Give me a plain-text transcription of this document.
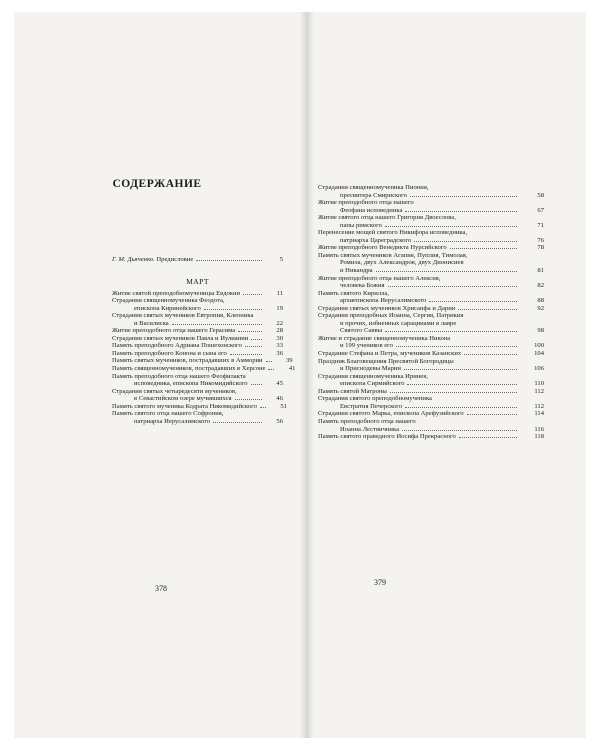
СОДЕРЖАНИЕ
Г. М. Дьяченко. Предисловие	5
МАРТ
Житие святой преподобномученицы Евдокии	11
Страдания священномученика Феодота,
епископа Киринейского	19
Страдания святых мучеников Евтропия, Клеоника
и Василиска	22
Житие преподобного отца нашего Герасима	28
Страдания святых мучеников Павла и Иулиании	30
Память преподобного Адриана Пошехонского	33
Память преподобного Конона и сына его	36
Память святых мучеников, пострадавших в Аммории	39
Память священномучеников, пострадавших в Херсоне	41
Память преподобного отца нашего Феофилакта
исповедника, епископа Никомидийского	45
Страдания святых четыредесяти мучеников,
в Севастийском озере мучившихся	46
Память святого мученика Кодрата Никомидийского	51
Память святого отца нашего Софрония,
патриарха Иерусалимского	56
378
Страдания священномученика Пиония,
пресвитера Смирнского	58
Житие преподобного отца нашего
Феофана исповедника	67
Житие святого отца нашего Григория Двоеслова,
папы римского	71
Перенесение мощей святого Никифора исповедника,
патриарха Цареградского	76
Житие преподобного Венедикта Нурсийского	78
Память святых мучеников Агапия, Пуплия, Тимолая,
Ромила, двух Александров, двух Дионисиев
и Никандра	81
Житие преподобного отца нашего Алексия,
человека Божия	82
Память святого Кирилла,
архиепископа Иерусалимского	88
Страдания святых мучеников Хрисанфа и Дарии	92
Страдания преподобных Иоанна, Сергия, Патрикия
и прочих, избиенных сарацинами в лавре
Святого Саввы	98
Житие и страдание священномученика Никона
и 199 учеников его	100
Страдание Стефана и Петра, мучеников Казанских	104
Праздник Благовещения Пресвятой Богородицы
и Приснодевы Марии	106
Страдания священномученика Иринея,
епископа Сирмийского	110
Память святой Матроны	112
Страдания святого преподобномученика
Евстратия Печерского	112
Страдания святого Марка, епископа Арефузийского	114
Память преподобного отца нашего
Иоанна Лествичника	116
Память святого праведного Иосифа Прекрасного	118
379
